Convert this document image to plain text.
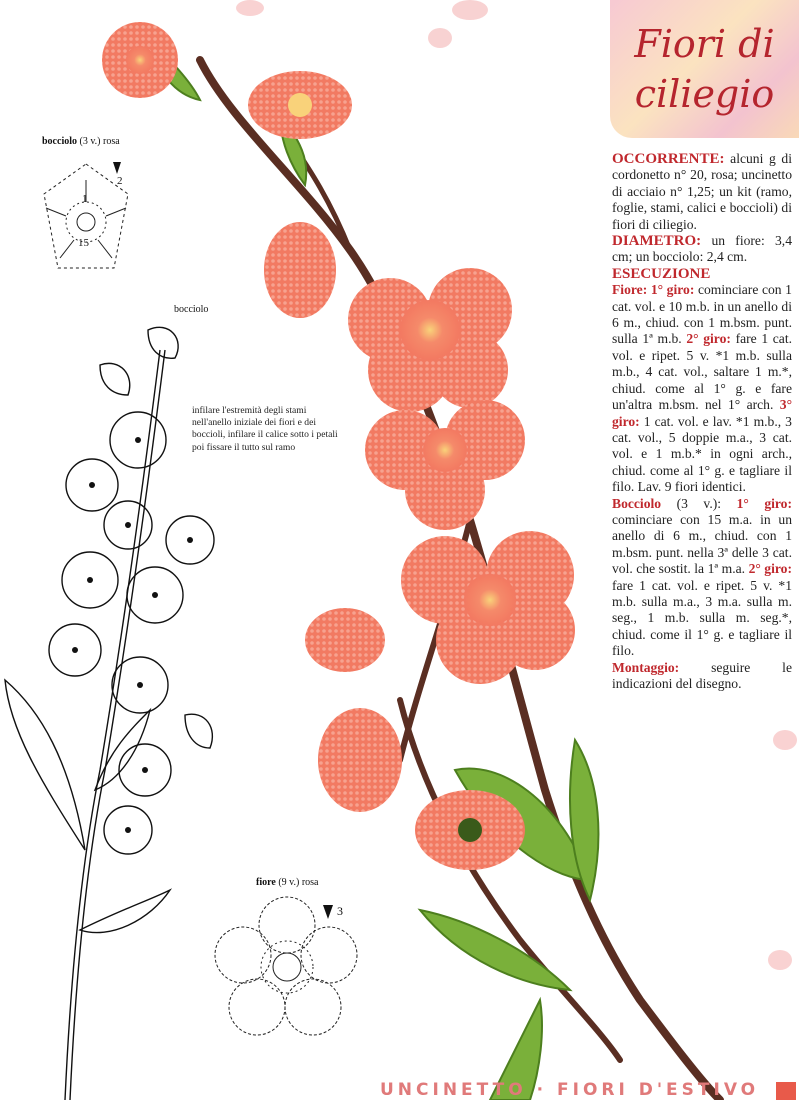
Fiori di
ciliegio

OCCORRENTE: alcuni g di cordonetto n° 20, rosa; uncinetto di acciaio n° 1,25; un kit (ramo, foglie, stami, calici e boccioli) di fiori di ciliegio.

DIAMETRO: un fiore: 3,4 cm; un bocciolo: 2,4 cm.

ESECUZIONE

Fiore: 1° giro: cominciare con 1 cat. vol. e 10 m.b. in un anello di 6 m., chiud. con 1 m.bsm. punt. sulla 1ª m.b. 2° giro: fare 1 cat. vol. e ripet. 5 v. *1 m.b. sulla m.b., 4 cat. vol., saltare 1 m.*, chiud. come al 1° g. e fare un'altra m.bsm. nel 1° arch. 3° giro: 1 cat. vol. e lav. *1 m.b., 3 cat. vol., 5 doppie m.a., 3 cat. vol. e 1 m.b.* in ogni arch., chiud. come al 1° g. e tagliare il filo. Lav. 9 fiori identici.

Bocciolo (3 v.): 1° giro: cominciare con 15 m.a. in un anello di 6 m., chiud. con 1 m.bsm. punt. nella 3ª delle 3 cat. vol. che sostit. la 1ª m.a. 2° giro: fare 1 cat. vol. e ripet. 5 v. *1 m.b. sulla m.a., 3 m.a. sulla m. seg., 1 m.b. sulla m. seg.*, chiud. come il 1° g. e tagliare il filo.

Montaggio: seguire le indicazioni del disegno.

bocciolo (3 v.) rosa
2
1
15
bocciolo
infilare l'estremità degli stami nell'anello iniziale dei fiori e dei boccioli, infilare il calice sotto i petali poi fissare il tutto sul ramo
fiore (9 v.) rosa
3
UNCINETTO · FIORI D'ESTIVO
